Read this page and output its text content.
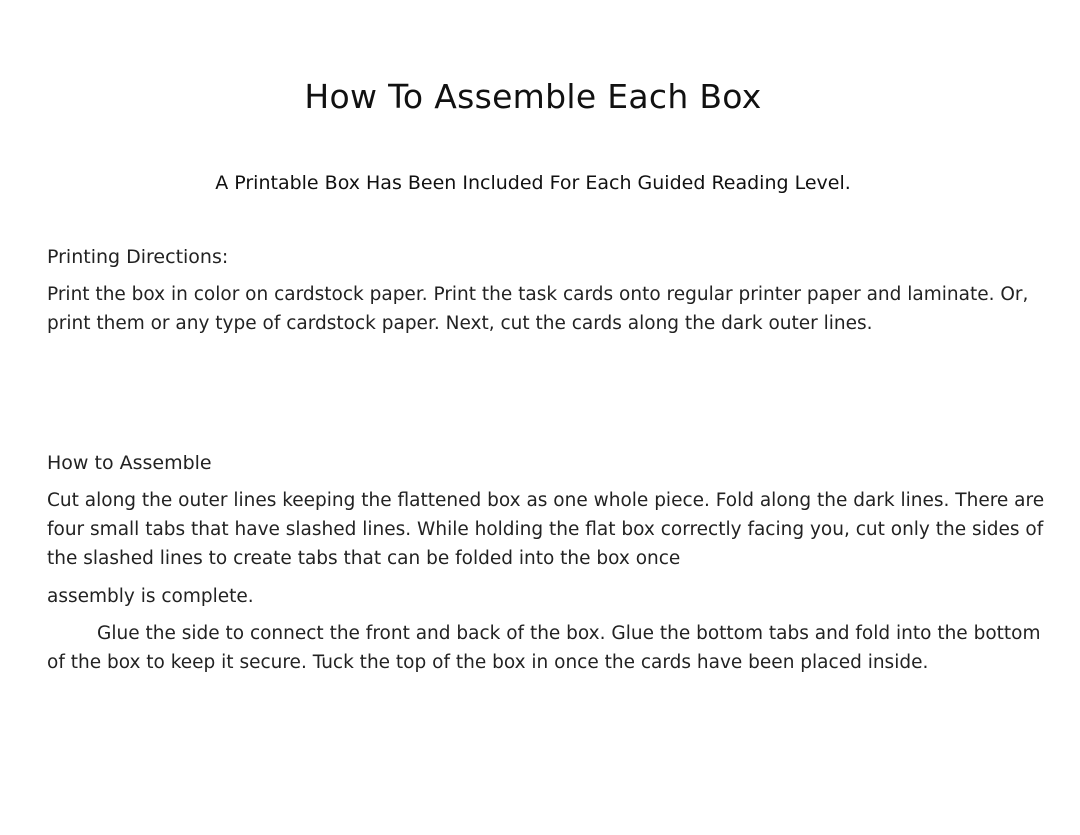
How To Assemble Each Box

A Printable Box Has Been Included For Each Guided Reading Level.

Printing Directions:

Print the box in color on cardstock paper. Print the task cards onto regular printer paper and laminate. Or, print them or any type of cardstock paper. Next, cut the cards along the dark outer lines.

How to Assemble

Cut along the outer lines keeping the flattened box as one whole piece. Fold along the dark lines. There are four small tabs that have slashed lines. While holding the flat box correctly facing you, cut only the sides of the slashed lines to create tabs that can be folded into the box once

assembly is complete.

Glue the side to connect the front and back of the box. Glue the bottom tabs and fold into the bottom of the box to keep it secure. Tuck the top of the box in once the cards have been placed inside.
